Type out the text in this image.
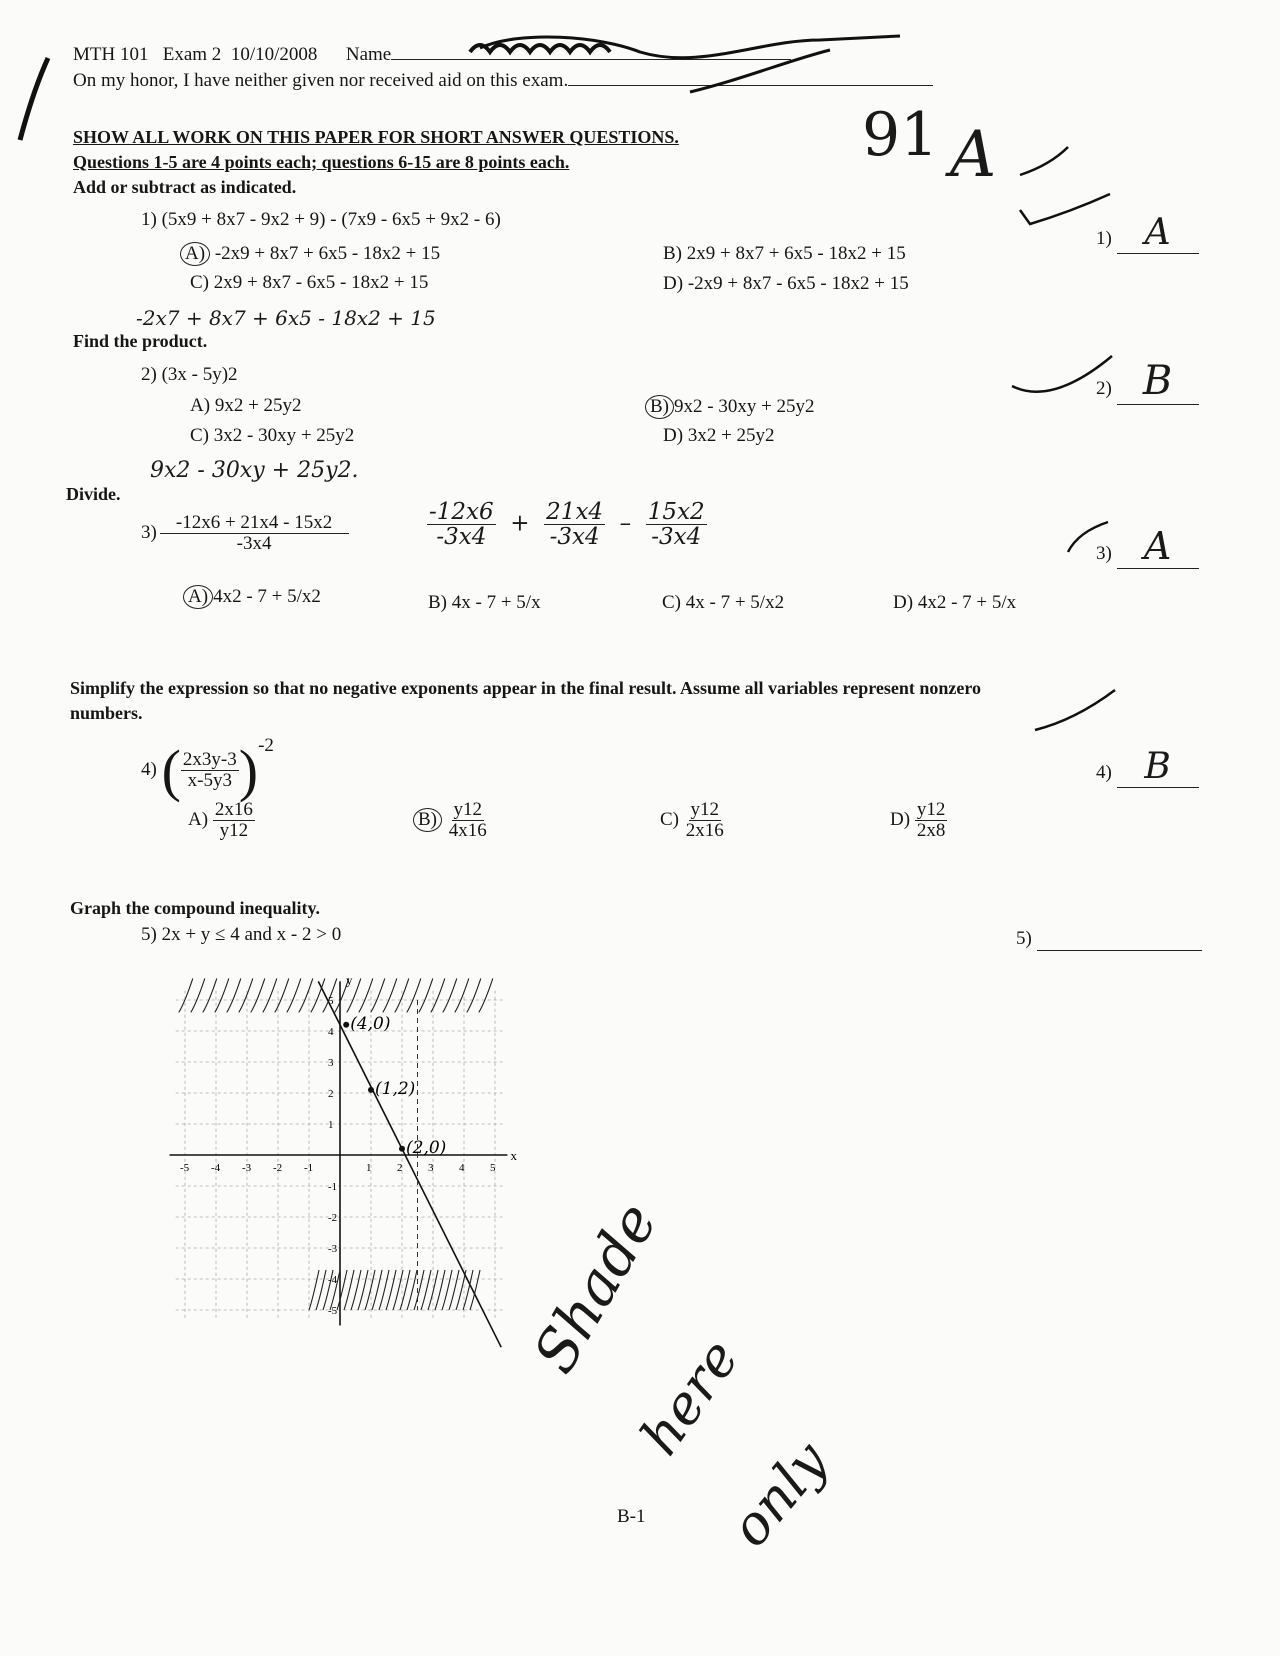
MTH 101 Exam 2 10/10/2008 Name
On my honor, I have neither given nor received aid on this exam.
91 A
SHOW ALL WORK ON THIS PAPER FOR SHORT ANSWER QUESTIONS.
Questions 1-5 are 4 points each; questions 6-15 are 8 points each.
Add or subtract as indicated.
1) (5x9 + 8x7 - 9x2 + 9) - (7x9 - 6x5 + 9x2 - 6)
A) -2x9 + 8x7 + 6x5 - 18x2 + 15	B) 2x9 + 8x7 + 6x5 - 18x2 + 15
C) 2x9 + 8x7 - 6x5 - 18x2 + 15	D) -2x9 + 8x7 - 6x5 - 18x2 + 15
-2x7 + 8x7 + 6x5 - 18x2 + 15
1) A
Find the product.
2) (3x - 5y)2
A) 9x2 + 25y2	B) 9x2 - 30xy + 25y2
C) 3x2 - 30xy + 25y2	D) 3x2 + 25y2
9x2 - 30xy + 25y2.
2) B
Divide.
$3) \frac{-12x6 + 21x4 - 15x2}{-3x4}$	$\frac{-12x6}{-3x4} + \frac{21x4}{-3x4} - \frac{15x2}{-3x4}$
3) A
A) 4x2 - 7 + 5/x2	B) 4x - 7 + 5/x	C) 4x - 7 + 5/x2	D) 4x2 - 7 + 5/x
Simplify the expression so that no negative exponents appear in the final result. Assume all variables represent nonzero
numbers.
4) ( $\frac{2x3y-3}{x-5y3} )-2$
4) B
$A) \frac{2x16}{y12}$	$B) \frac{y12}{4x16}$	$C) \frac{y12}{2x16}$	$D) \frac{y12}{2x8}$
Graph the compound inequality.
5) 2x + y ≤ 4 and x - 2 > 0	5)
-5 -4 -3 -2 -1	1 2 3 4 5
5
4
3
2
1
-1
-2
-3
-4
-5
x
y
(4,0)
(1,2)
(2,0)
Shade
here
only
B-1
